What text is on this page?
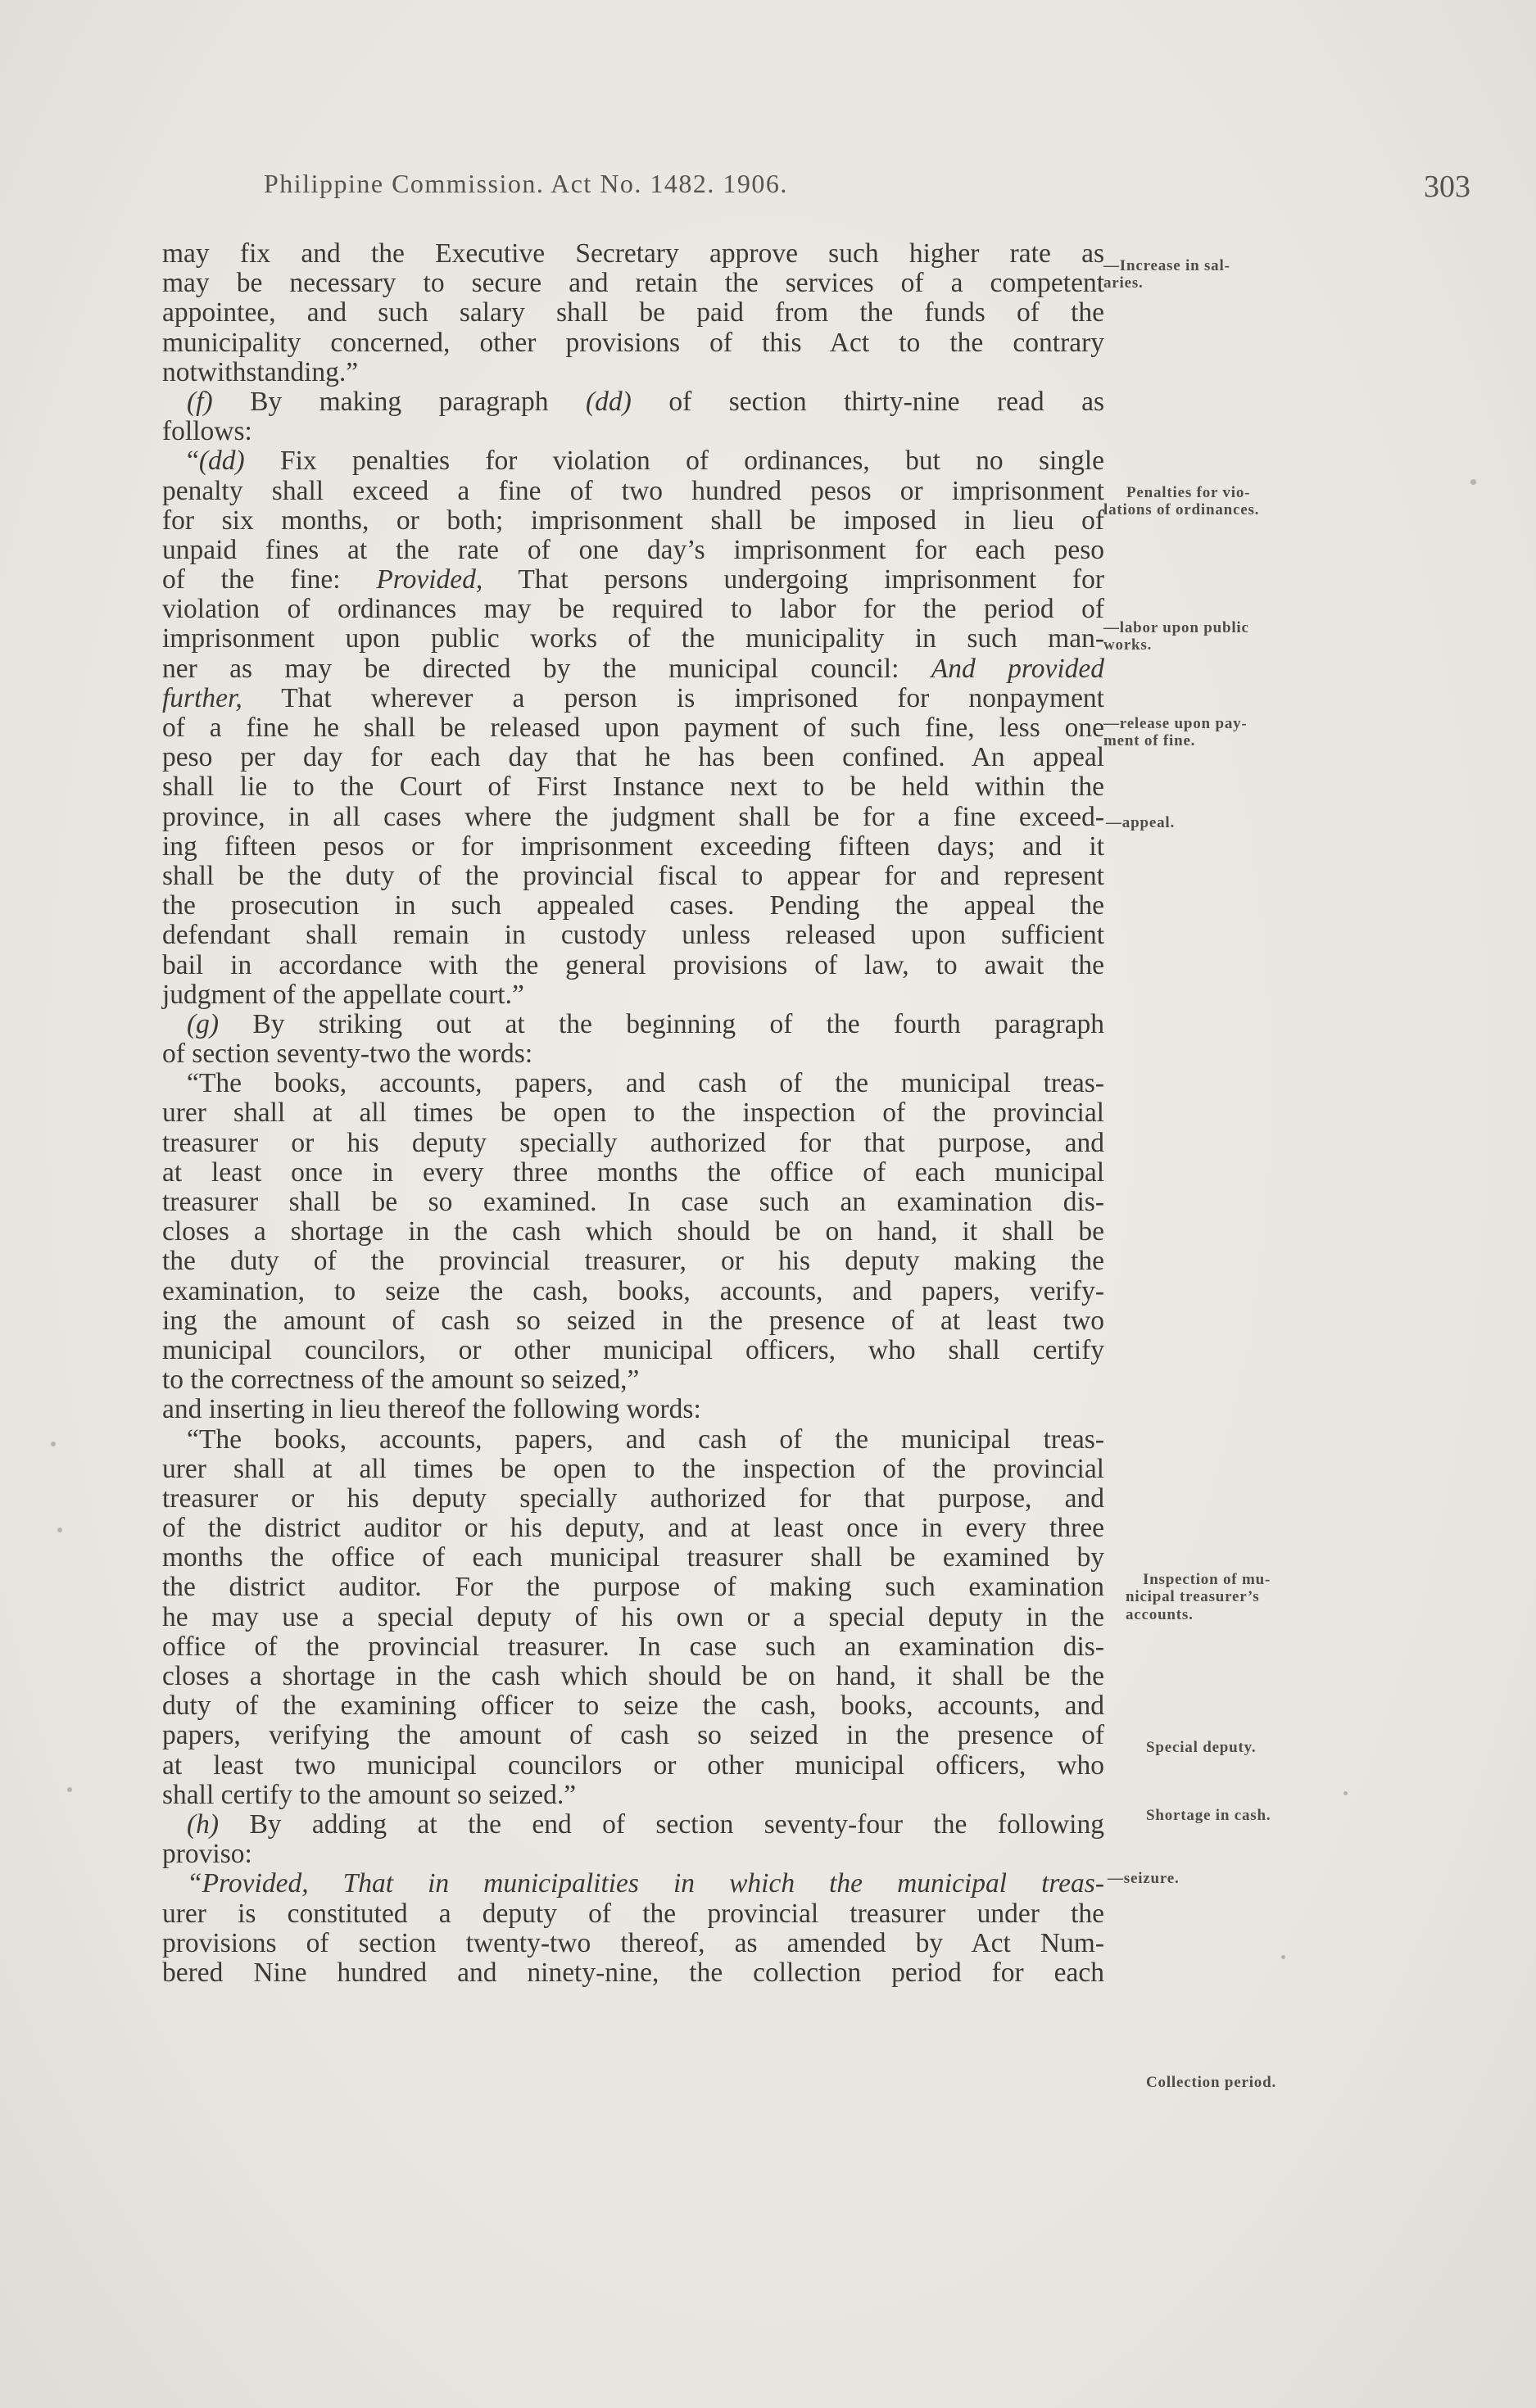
Philippine Commission. Act No. 1482. 1906.	303
may fix and the Executive Secretary approve such higher rate as
may be necessary to secure and retain the services of a competent
appointee, and such salary shall be paid from the funds of the
municipality concerned, other provisions of this Act to the contrary
notwithstanding.”
(f) By making paragraph (dd) of section thirty-nine read as
follows:
“(dd) Fix penalties for violation of ordinances, but no single
penalty shall exceed a fine of two hundred pesos or imprisonment
for six months, or both; imprisonment shall be imposed in lieu of
unpaid fines at the rate of one day’s imprisonment for each peso
of the fine: Provided, That persons undergoing imprisonment for
violation of ordinances may be required to labor for the period of
imprisonment upon public works of the municipality in such man-
ner as may be directed by the municipal council: And provided
further, That wherever a person is imprisoned for nonpayment
of a fine he shall be released upon payment of such fine, less one
peso per day for each day that he has been confined. An appeal
shall lie to the Court of First Instance next to be held within the
province, in all cases where the judgment shall be for a fine exceed-
ing fifteen pesos or for imprisonment exceeding fifteen days; and it
shall be the duty of the provincial fiscal to appear for and represent
the prosecution in such appealed cases. Pending the appeal the
defendant shall remain in custody unless released upon sufficient
bail in accordance with the general provisions of law, to await the
judgment of the appellate court.”
(g) By striking out at the beginning of the fourth paragraph
of section seventy-two the words:
“The books, accounts, papers, and cash of the municipal treas-
urer shall at all times be open to the inspection of the provincial
treasurer or his deputy specially authorized for that purpose, and
at least once in every three months the office of each municipal
treasurer shall be so examined. In case such an examination dis-
closes a shortage in the cash which should be on hand, it shall be
the duty of the provincial treasurer, or his deputy making the
examination, to seize the cash, books, accounts, and papers, verify-
ing the amount of cash so seized in the presence of at least two
municipal councilors, or other municipal officers, who shall certify
to the correctness of the amount so seized,”
and inserting in lieu thereof the following words:
“The books, accounts, papers, and cash of the municipal treas-
urer shall at all times be open to the inspection of the provincial
treasurer or his deputy specially authorized for that purpose, and
of the district auditor or his deputy, and at least once in every three
months the office of each municipal treasurer shall be examined by
the district auditor. For the purpose of making such examination
he may use a special deputy of his own or a special deputy in the
office of the provincial treasurer. In case such an examination dis-
closes a shortage in the cash which should be on hand, it shall be the
duty of the examining officer to seize the cash, books, accounts, and
papers, verifying the amount of cash so seized in the presence of
at least two municipal councilors or other municipal officers, who
shall certify to the amount so seized.”
(h) By adding at the end of section seventy-four the following
proviso:
“Provided, That in municipalities in which the municipal treas-
urer is constituted a deputy of the provincial treasurer under the
provisions of section twenty-two thereof, as amended by Act Num-
bered Nine hundred and ninety-nine, the collection period for each
—Increase in sal-
aries.
Penalties for vio-
lations of ordinances.
—labor upon public
works.
—release upon pay-
ment of fine.
—appeal.
Inspection of mu-
nicipal treasurer’s
accounts.
Special deputy.
Shortage in cash.
—seizure.
Collection period.
